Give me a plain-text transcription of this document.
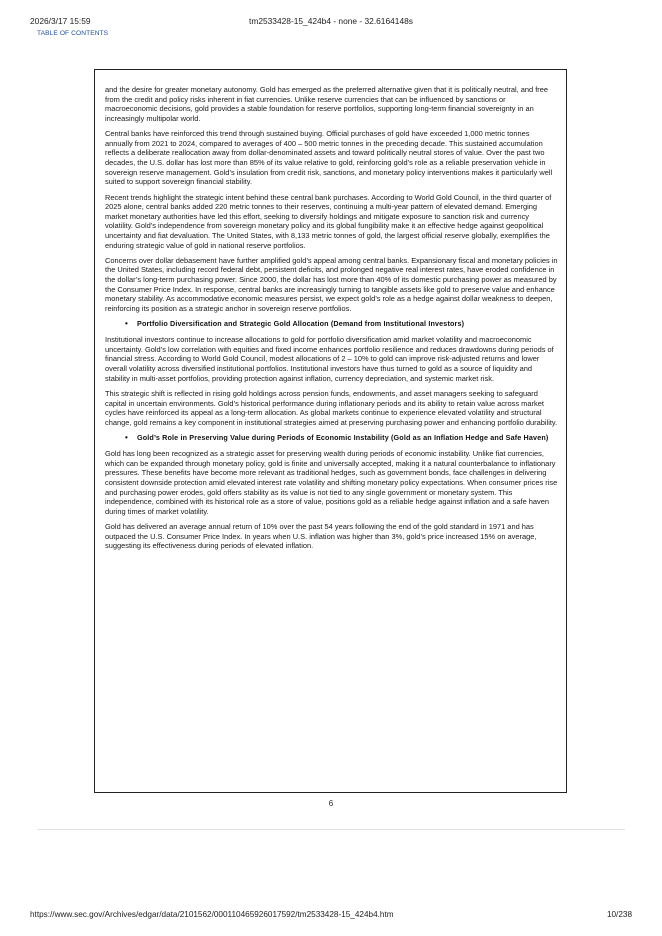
2026/3/17 15:59	tm2533428-15_424b4 - none - 32.6164148s
TABLE OF CONTENTS

and the desire for greater monetary autonomy. Gold has emerged as the preferred alternative given that it is politically neutral, and free from the credit and policy risks inherent in fiat currencies. Unlike reserve currencies that can be influenced by sanctions or macroeconomic decisions, gold provides a stable foundation for reserve portfolios, supporting long-term financial sovereignty in an increasingly multipolar world.

Central banks have reinforced this trend through sustained buying. Official purchases of gold have exceeded 1,000 metric tonnes annually from 2021 to 2024, compared to averages of 400 – 500 metric tonnes in the preceding decade. This sustained accumulation reflects a deliberate reallocation away from dollar-denominated assets and toward politically neutral stores of value. Over the past two decades, the U.S. dollar has lost more than 85% of its value relative to gold, reinforcing gold’s role as a reliable preservation vehicle in sovereign reserve management. Gold’s insulation from credit risk, sanctions, and monetary policy interventions makes it particularly well suited to support sovereign financial stability.

Recent trends highlight the strategic intent behind these central bank purchases. According to World Gold Council, in the third quarter of 2025 alone, central banks added 220 metric tonnes to their reserves, continuing a multi-year pattern of elevated demand. Emerging market monetary authorities have led this effort, seeking to diversify holdings and mitigate exposure to sanction risk and currency volatility. Gold’s independence from sovereign monetary policy and its global fungibility make it an effective hedge against geopolitical uncertainty and fiat devaluation. The United States, with 8,133 metric tonnes of gold, the largest official reserve globally, exemplifies the enduring strategic value of gold in national reserve portfolios.

Concerns over dollar debasement have further amplified gold’s appeal among central banks. Expansionary fiscal and monetary policies in the United States, including record federal debt, persistent deficits, and prolonged negative real interest rates, have eroded confidence in the dollar’s long-term purchasing power. Since 2000, the dollar has lost more than 40% of its domestic purchasing power as measured by the Consumer Price Index. In response, central banks are increasingly turning to tangible assets like gold to preserve value and enhance monetary stability. As accommodative economic measures persist, we expect gold’s role as a hedge against dollar weakness to deepen, reinforcing its position as a strategic anchor in sovereign reserve portfolios.

• Portfolio Diversification and Strategic Gold Allocation (Demand from Institutional Investors)

Institutional investors continue to increase allocations to gold for portfolio diversification amid market volatility and macroeconomic uncertainty. Gold’s low correlation with equities and fixed income enhances portfolio resilience and reduces drawdowns during periods of financial stress. According to World Gold Council, modest allocations of 2 – 10% to gold can improve risk-adjusted returns and lower overall volatility across diversified institutional portfolios. Institutional investors have thus turned to gold as a source of liquidity and stability in multi-asset portfolios, providing protection against inflation, currency depreciation, and systemic market risk.

This strategic shift is reflected in rising gold holdings across pension funds, endowments, and asset managers seeking to safeguard capital in uncertain environments. Gold’s historical performance during inflationary periods and its ability to retain value across market cycles have reinforced its appeal as a long-term allocation. As global markets continue to experience elevated volatility and structural change, gold remains a key component in institutional strategies aimed at preserving purchasing power and enhancing portfolio durability.

• Gold’s Role in Preserving Value during Periods of Economic Instability (Gold as an Inflation Hedge and Safe Haven)

Gold has long been recognized as a strategic asset for preserving wealth during periods of economic instability. Unlike fiat currencies, which can be expanded through monetary policy, gold is finite and universally accepted, making it a natural counterbalance to inflationary pressures. These benefits have become more relevant as traditional hedges, such as government bonds, face challenges in delivering consistent downside protection amid elevated interest rate volatility and shifting monetary policy expectations. When consumer prices rise and purchasing power erodes, gold offers stability as its value is not tied to any single government or monetary system. This independence, combined with its historical role as a store of value, positions gold as a reliable hedge against inflation and a safe haven during times of market volatility.

Gold has delivered an average annual return of 10% over the past 54 years following the end of the gold standard in 1971 and has outpaced the U.S. Consumer Price Index. In years when U.S. inflation was higher than 3%, gold’s price increased 15% on average, suggesting its effectiveness during periods of elevated inflation.

6
https://www.sec.gov/Archives/edgar/data/2101562/000110465926017592/tm2533428-15_424b4.htm	10/238
